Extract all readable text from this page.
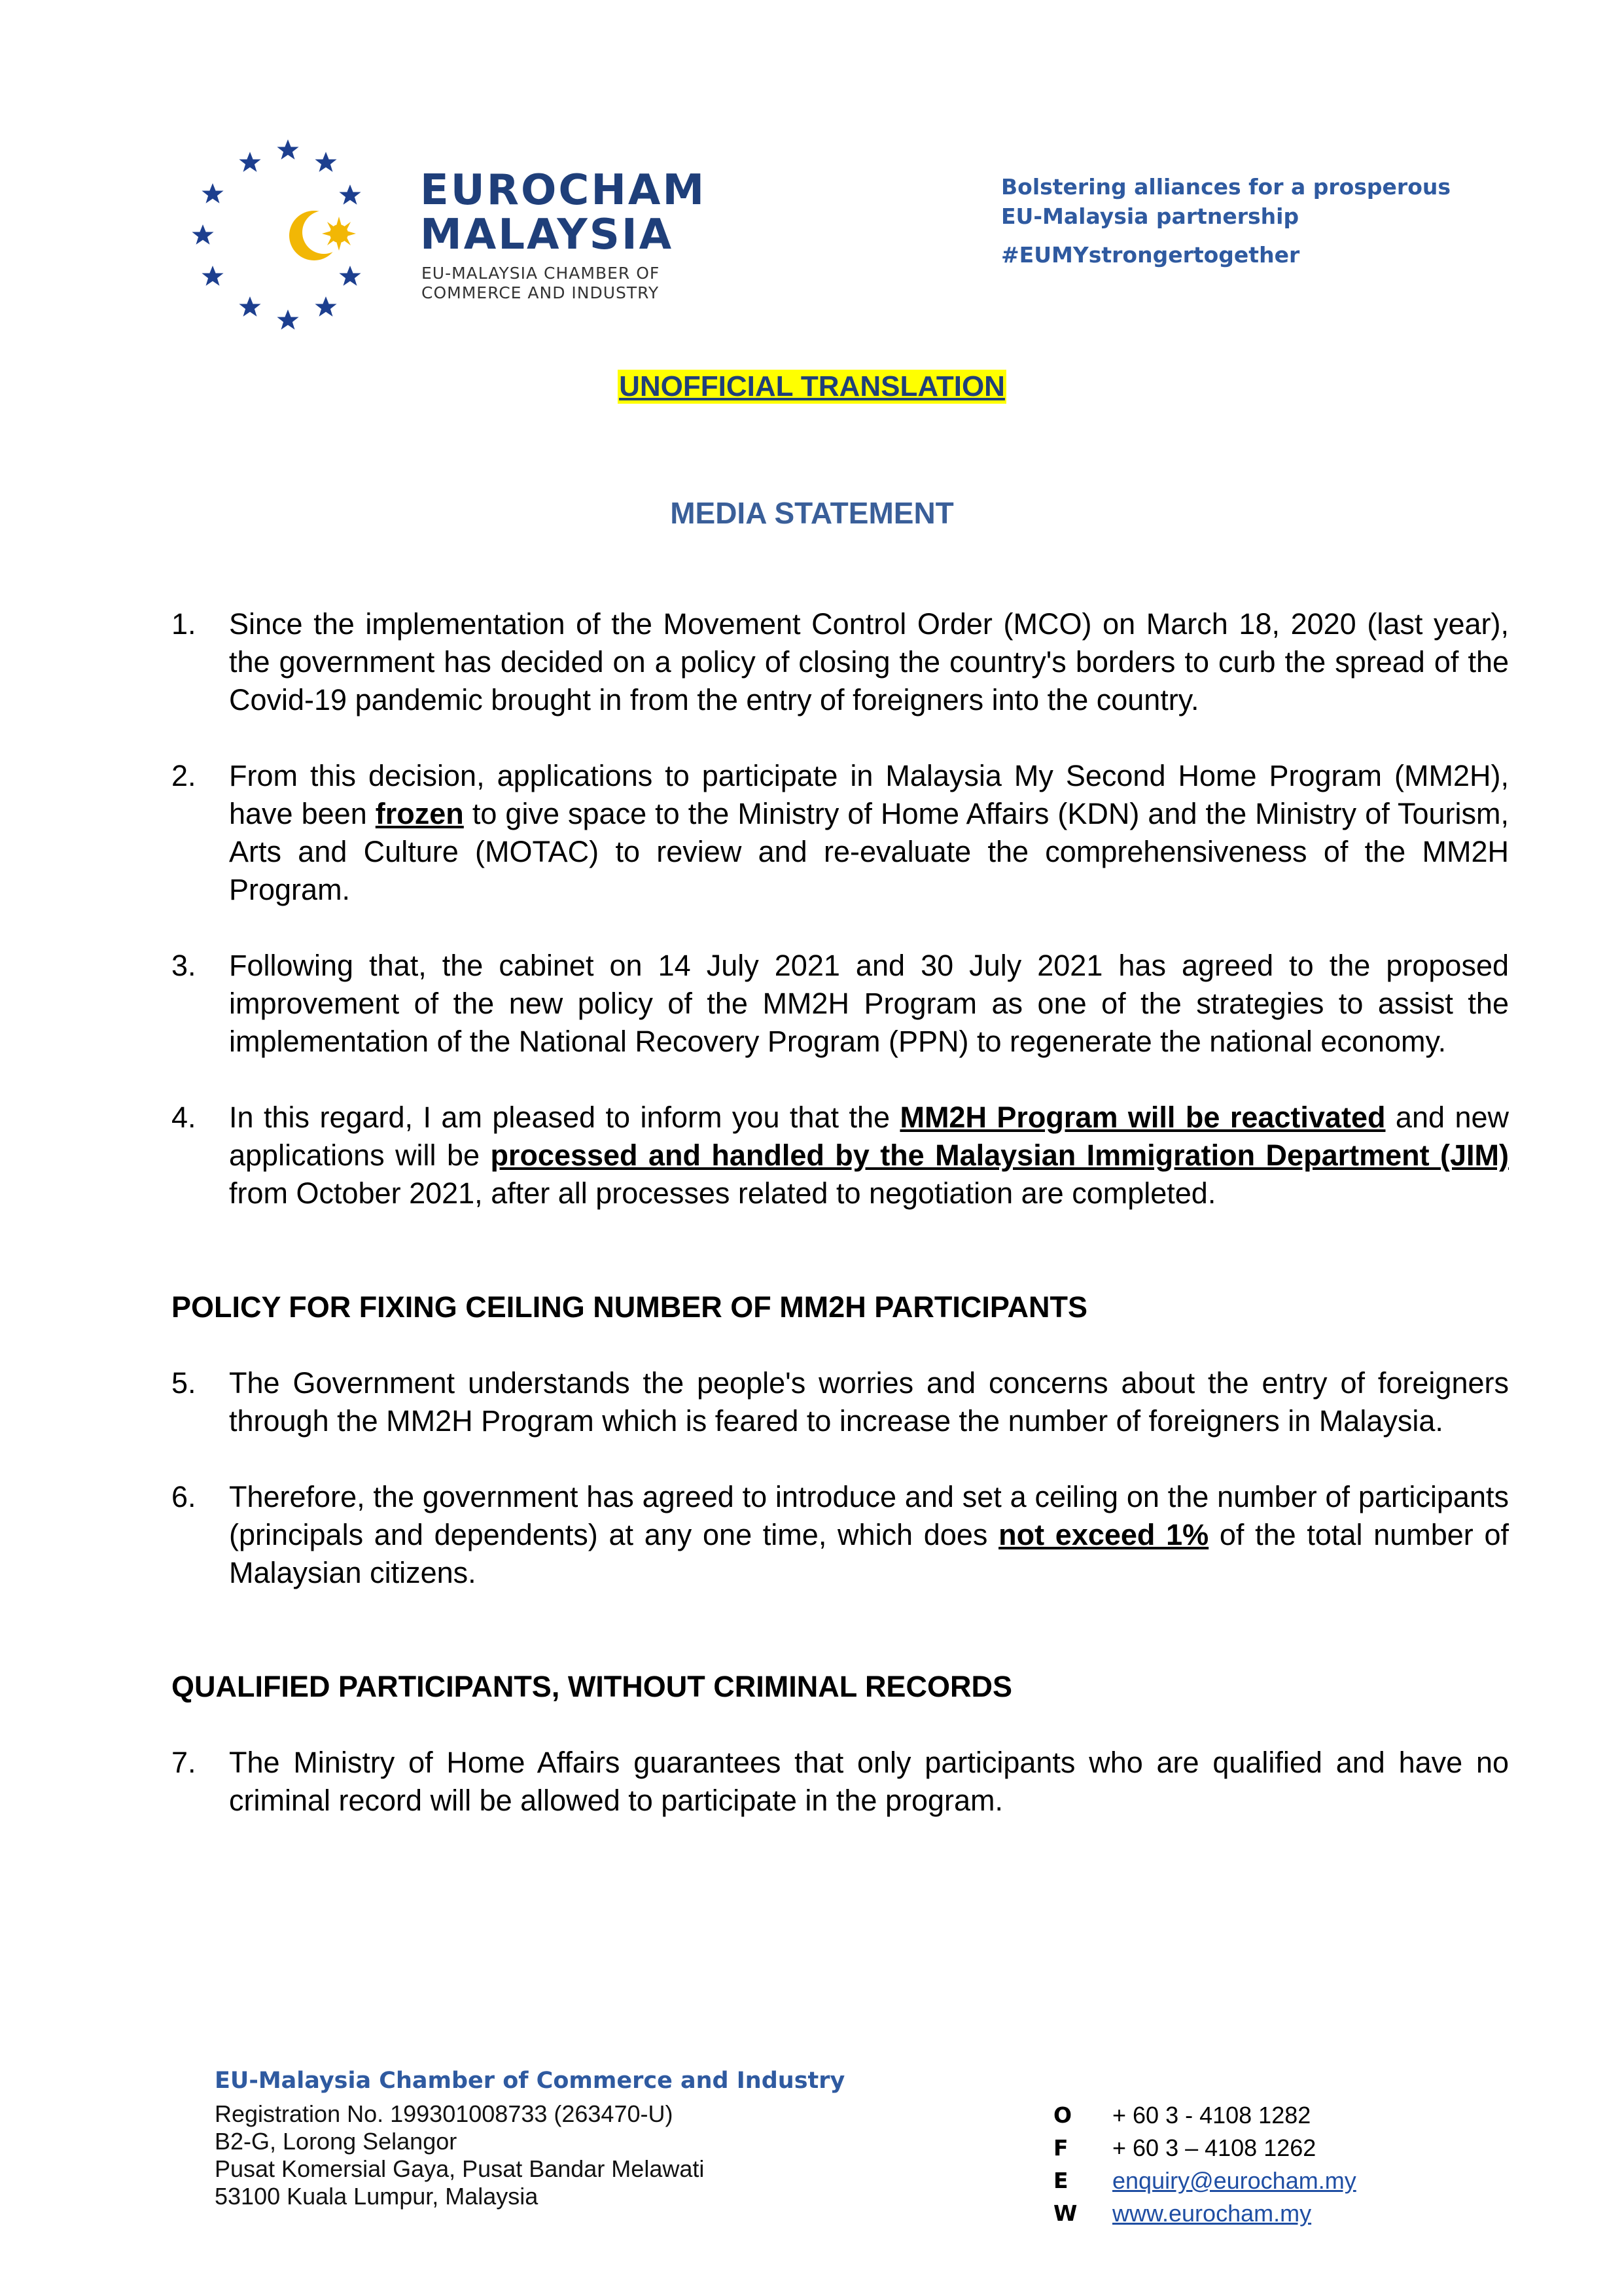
EUROCHAM
MALAYSIA
EU-MALAYSIA CHAMBER OF
COMMERCE AND INDUSTRY
Bolstering alliances for a prosperous
EU-Malaysia partnership
#EUMYstrongertogether
UNOFFICIAL TRANSLATION
MEDIA STATEMENT
1.	Since the implementation of the Movement Control Order (MCO) on March 18, 2020 (last year), the government has decided on a policy of closing the country's borders to curb the spread of the Covid-19 pandemic brought in from the entry of foreigners into the country.
2.	From this decision, applications to participate in Malaysia My Second Home Program (MM2H), have been frozen to give space to the Ministry of Home Affairs (KDN) and the Ministry of Tourism, Arts and Culture (MOTAC) to review and re-evaluate the comprehensiveness of the MM2H Program.
3.	Following that, the cabinet on 14 July 2021 and 30 July 2021 has agreed to the proposed improvement of the new policy of the MM2H Program as one of the strategies to assist the implementation of the National Recovery Program (PPN) to regenerate the national economy.
4.	In this regard, I am pleased to inform you that the MM2H Program will be reactivated and new applications will be processed and handled by the Malaysian Immigration Department (JIM) from October 2021, after all processes related to negotiation are completed.
POLICY FOR FIXING CEILING NUMBER OF MM2H PARTICIPANTS
5.	The Government understands the people's worries and concerns about the entry of foreigners through the MM2H Program which is feared to increase the number of foreigners in Malaysia.
6.	Therefore, the government has agreed to introduce and set a ceiling on the number of participants (principals and dependents) at any one time, which does not exceed 1% of the total number of Malaysian citizens.
QUALIFIED PARTICIPANTS, WITHOUT CRIMINAL RECORDS
7.	The Ministry of Home Affairs guarantees that only participants who are qualified and have no criminal record will be allowed to participate in the program.
EU-Malaysia Chamber of Commerce and Industry
Registration No. 199301008733 (263470-U)
B2-G, Lorong Selangor
Pusat Komersial Gaya, Pusat Bandar Melawati
53100 Kuala Lumpur, Malaysia
O	+ 60 3 - 4108 1282
F	+ 60 3 – 4108 1262
E	enquiry@eurocham.my
W	www.eurocham.my
